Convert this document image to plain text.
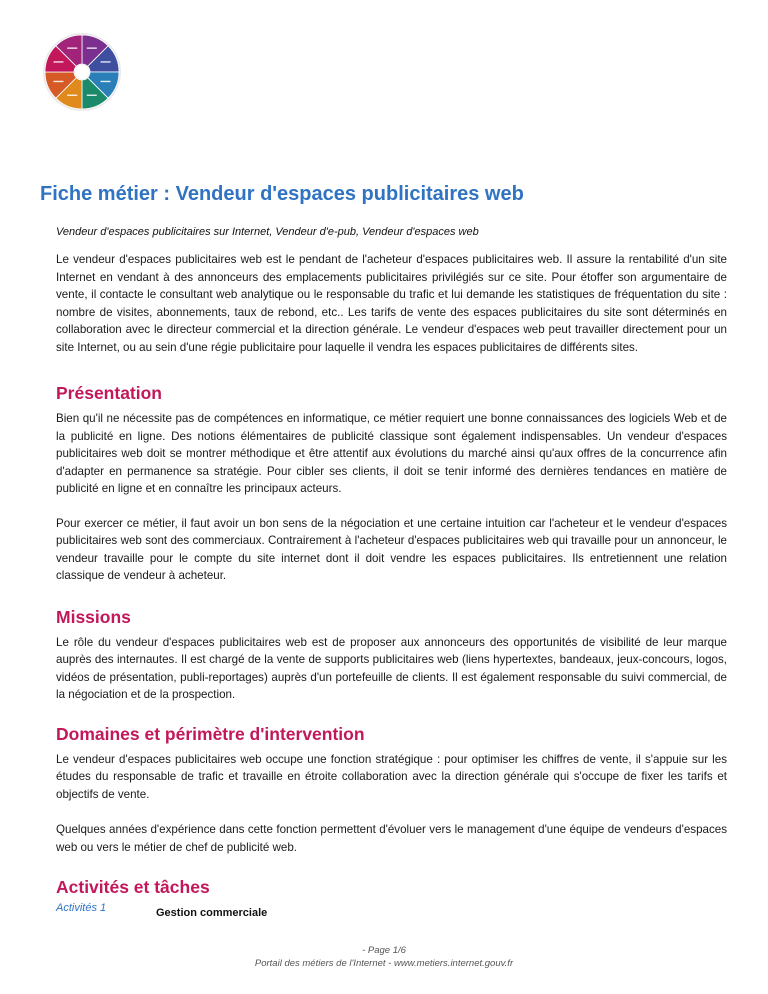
Fiche métier : Vendeur d'espaces publicitaires web

Vendeur d'espaces publicitaires sur Internet, Vendeur d'e-pub, Vendeur d'espaces web

Le vendeur d'espaces publicitaires web est le pendant de l'acheteur d'espaces publicitaires web. Il assure la rentabilité d'un site Internet en vendant à des annonceurs des emplacements publicitaires privilégiés sur ce site. Pour étoffer son argumentaire de vente, il contacte le consultant web analytique ou le responsable du trafic et lui demande les statistiques de fréquentation du site : nombre de visites, abonnements, taux de rebond, etc.. Les tarifs de vente des espaces publicitaires du site sont déterminés en collaboration avec le directeur commercial et la direction générale. Le vendeur d'espaces web peut travailler directement pour un site Internet, ou au sein d'une régie publicitaire pour laquelle il vendra les espaces publicitaires de différents sites.

Présentation

Bien qu'il ne nécessite pas de compétences en informatique, ce métier requiert une bonne connaissances des logiciels Web et de la publicité en ligne. Des notions élémentaires de publicité classique sont également indispensables. Un vendeur d'espaces publicitaires web doit se montrer méthodique et être attentif aux évolutions du marché ainsi qu'aux offres de la concurrence afin d'adapter en permanence sa stratégie. Pour cibler ses clients, il doit se tenir informé des dernières tendances en matière de publicité en ligne et en connaître les principaux acteurs.

Pour exercer ce métier, il faut avoir un bon sens de la négociation et une certaine intuition car l'acheteur et le vendeur d'espaces publicitaires web sont des commerciaux. Contrairement à l'acheteur d'espaces publicitaires web qui travaille pour un annonceur, le vendeur travaille pour le compte du site internet dont il doit vendre les espaces publicitaires. Ils entretiennent une relation classique de vendeur à acheteur.

Missions

Le rôle du vendeur d'espaces publicitaires web est de proposer aux annonceurs des opportunités de visibilité de leur marque auprès des internautes. Il est chargé de la vente de supports publicitaires web (liens hypertextes, bandeaux, jeux-concours, logos, vidéos de présentation, publi-reportages) auprès d'un portefeuille de clients. Il est également responsable du suivi commercial, de la négociation et de la prospection.

Domaines et périmètre d'intervention

Le vendeur d'espaces publicitaires web occupe une fonction stratégique : pour optimiser les chiffres de vente, il s'appuie sur les études du responsable de trafic et travaille en étroite collaboration avec la direction générale qui s'occupe de fixer les tarifs et objectifs de vente.

Quelques années d'expérience dans cette fonction permettent d'évoluer vers le management d'une équipe de vendeurs d'espaces web ou vers le métier de chef de publicité web.

Activités et tâches
Activités 1	Gestion commerciale
- Page 1/6
Portail des métiers de l'Internet - www.metiers.internet.gouv.fr
